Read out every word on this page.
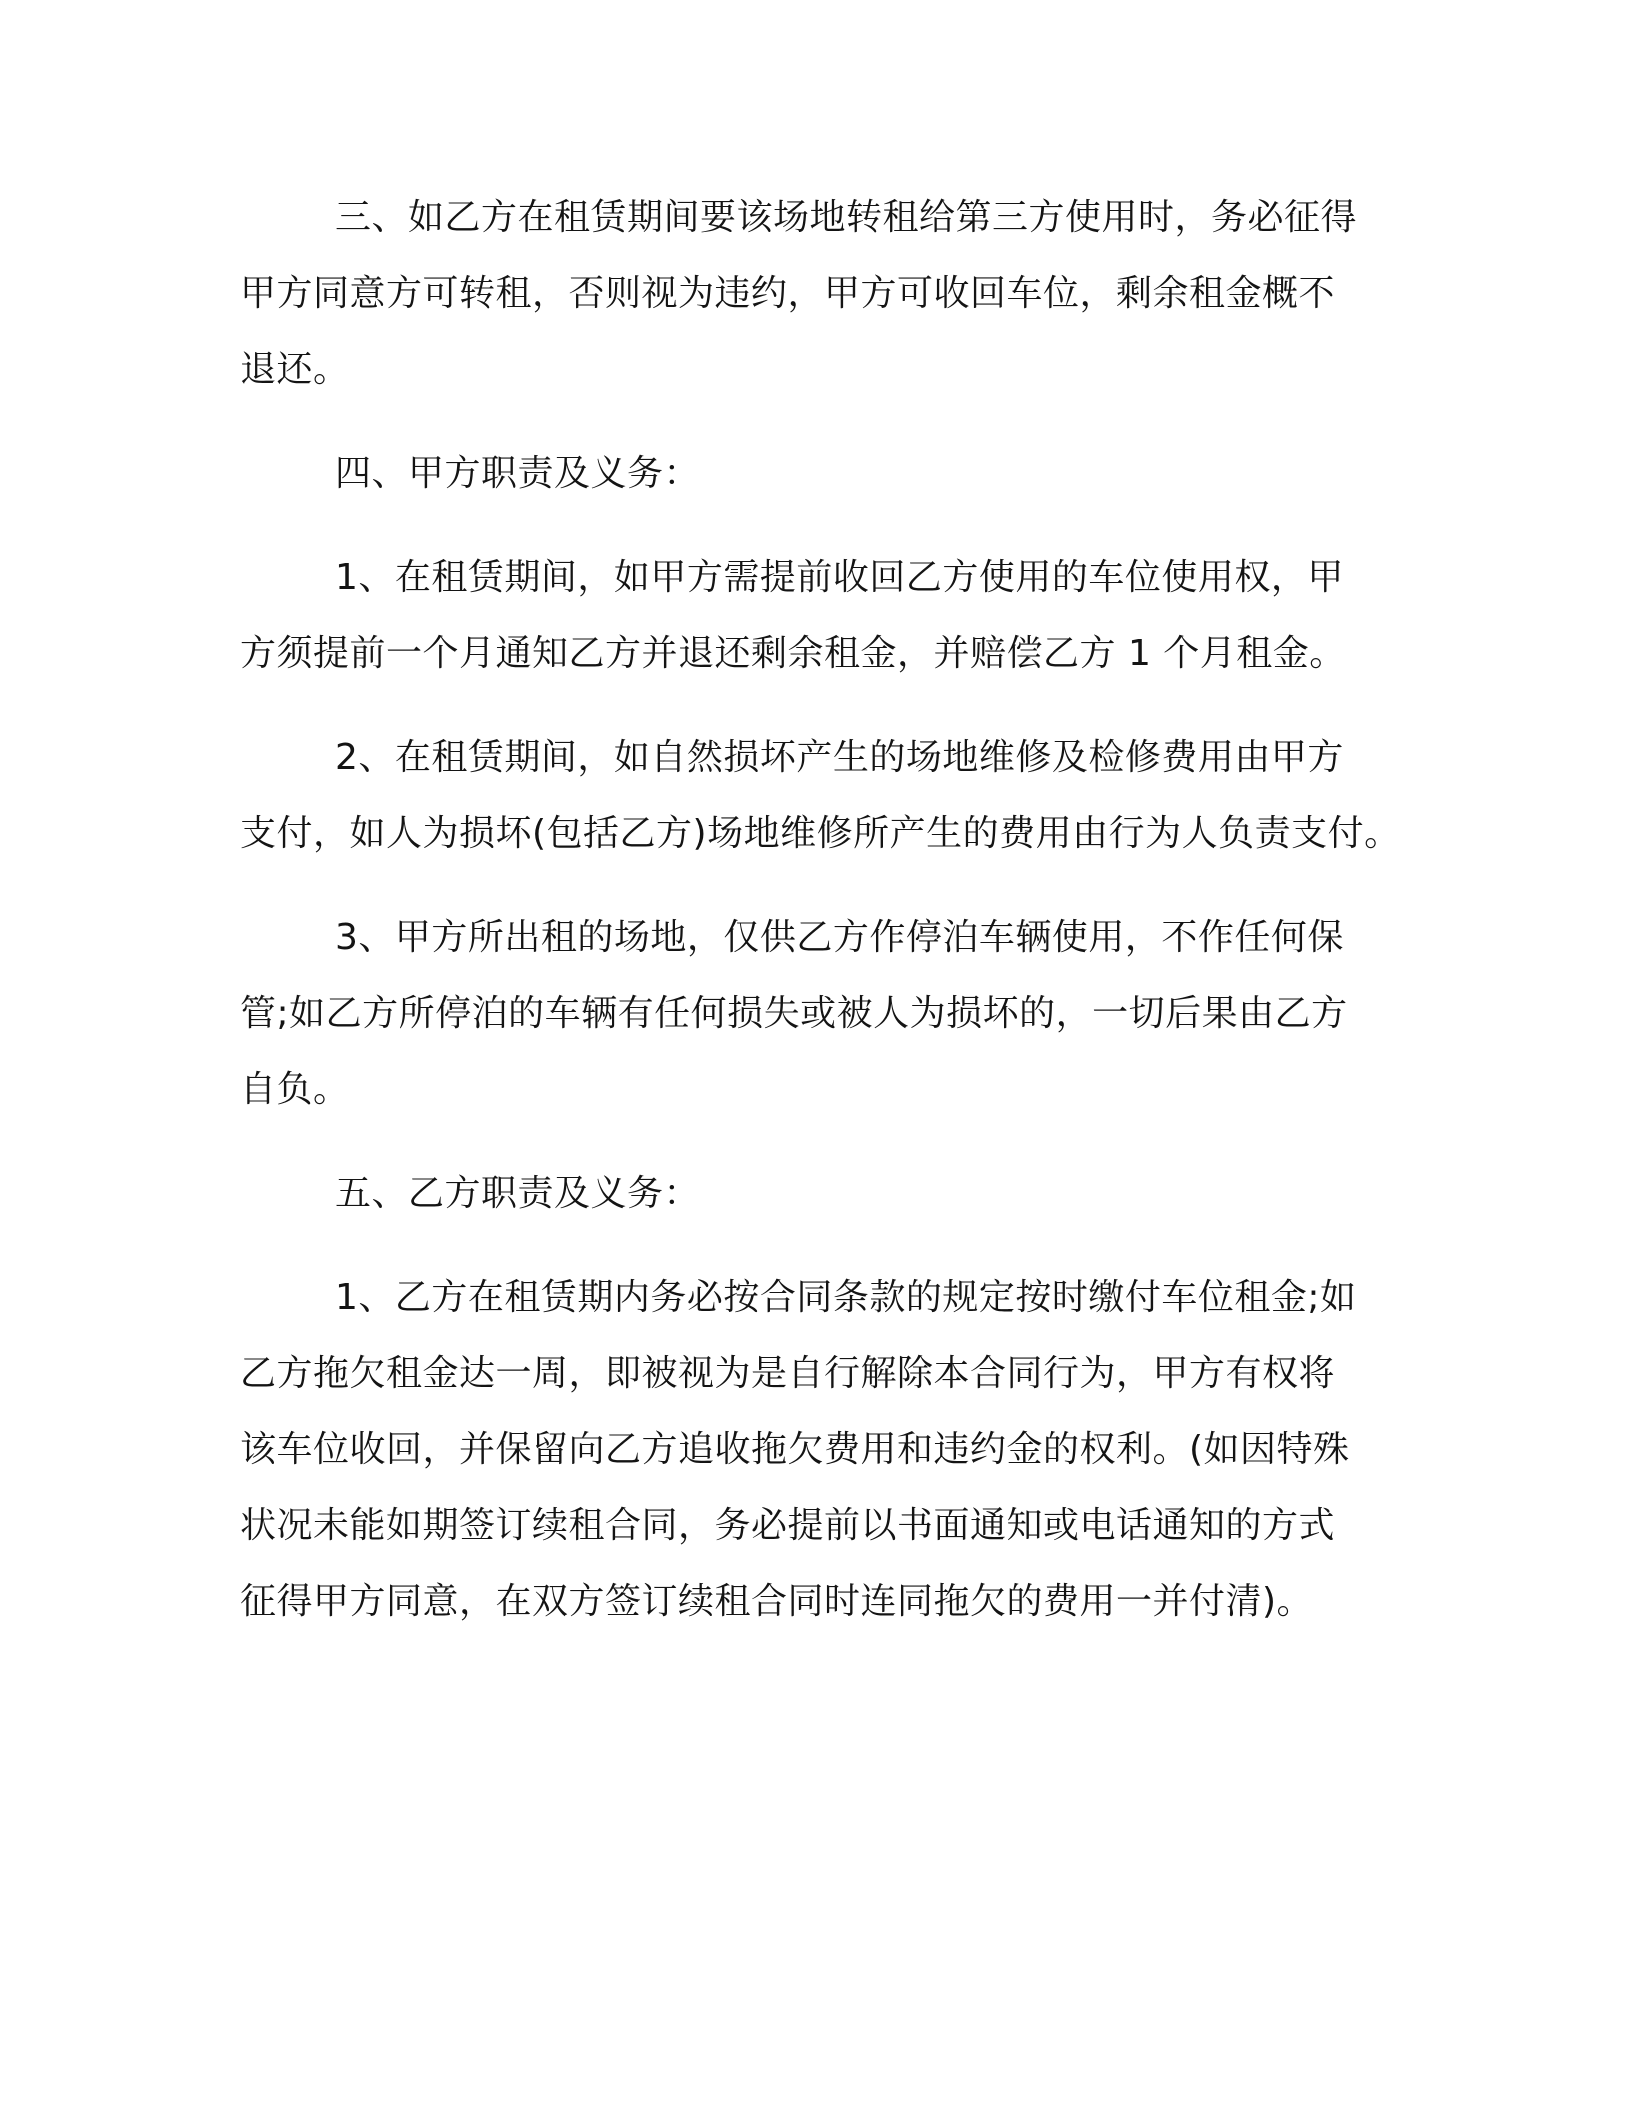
三、如乙方在租赁期间要该场地转租给第三方使用时，务必征得

甲方同意方可转租，否则视为违约，甲方可收回车位，剩余租金概不

退还。

四、甲方职责及义务：

1、在租赁期间，如甲方需提前收回乙方使用的车位使用权，甲

方须提前一个月通知乙方并退还剩余租金，并赔偿乙方 1 个月租金。

2、在租赁期间，如自然损坏产生的场地维修及检修费用由甲方

支付，如人为损坏(包括乙方)场地维修所产生的费用由行为人负责支付。

3、甲方所出租的场地，仅供乙方作停泊车辆使用，不作任何保

管;如乙方所停泊的车辆有任何损失或被人为损坏的，一切后果由乙方

自负。

五、乙方职责及义务：

1、乙方在租赁期内务必按合同条款的规定按时缴付车位租金;如

乙方拖欠租金达一周，即被视为是自行解除本合同行为，甲方有权将

该车位收回，并保留向乙方追收拖欠费用和违约金的权利。(如因特殊

状况未能如期签订续租合同，务必提前以书面通知或电话通知的方式

征得甲方同意，在双方签订续租合同时连同拖欠的费用一并付清)。
